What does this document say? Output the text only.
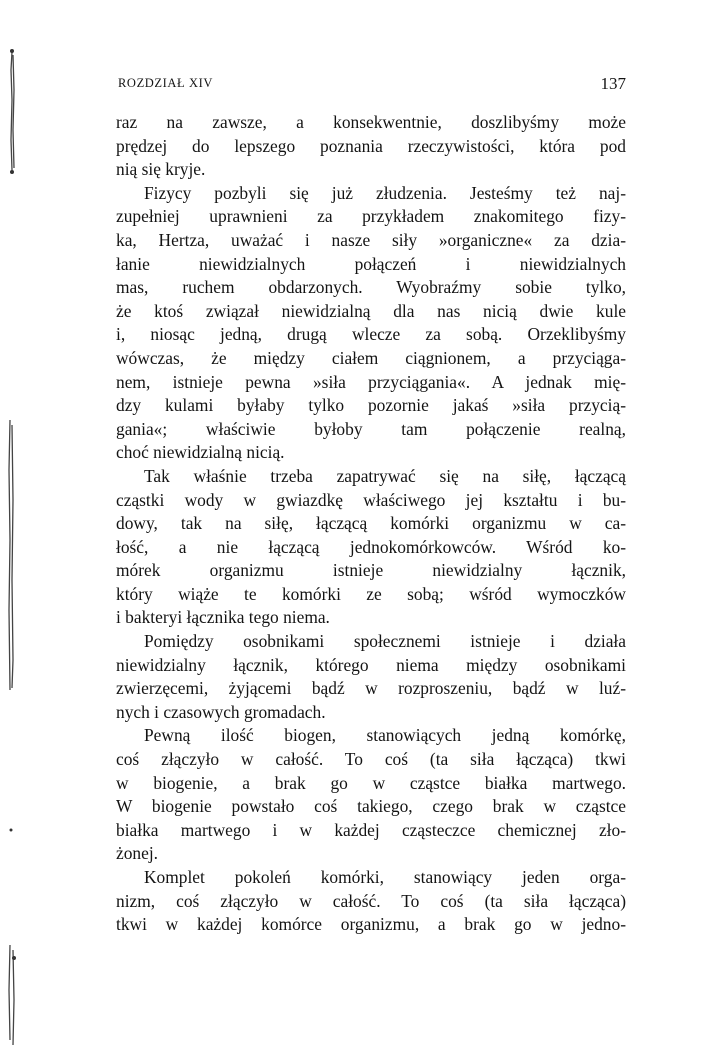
ROZDZIAŁ XIV	137
raz na zawsze, a konsekwentnie, doszlibyśmy może
prędzej do lepszego poznania rzeczywistości, która pod
nią się kryje.
Fizycy pozbyli się już złudzenia. Jesteśmy też naj-
zupełniej uprawnieni za przykładem znakomitego fizy-
ka, Hertza, uważać i nasze siły »organiczne« za dzia-
łanie niewidzialnych połączeń i niewidzialnych
mas, ruchem obdarzonych. Wyobraźmy sobie tylko,
że ktoś związał niewidzialną dla nas nicią dwie kule
i, niosąc jedną, drugą wlecze za sobą. Orzeklibyśmy
wówczas, że między ciałem ciągnionem, a przyciąga-
nem, istnieje pewna »siła przyciągania«. A jednak mię-
dzy kulami byłaby tylko pozornie jakaś »siła przycią-
gania«; właściwie byłoby tam połączenie realną,
choć niewidzialną nicią.
Tak właśnie trzeba zapatrywać się na siłę, łączącą
cząstki wody w gwiazdkę właściwego jej kształtu i bu-
dowy, tak na siłę, łączącą komórki organizmu w ca-
łość, a nie łączącą jednokomórkowców. Wśród ko-
mórek organizmu istnieje niewidzialny łącznik,
który wiąże te komórki ze sobą; wśród wymoczków
i bakteryi łącznika tego niema.
Pomiędzy osobnikami społecznemi istnieje i działa
niewidzialny łącznik, którego niema między osobnikami
zwierzęcemi, żyjącemi bądź w rozproszeniu, bądź w luź-
nych i czasowych gromadach.
Pewną ilość biogen, stanowiących jedną komórkę,
coś złączyło w całość. To coś (ta siła łącząca) tkwi
w biogenie, a brak go w cząstce białka martwego.
W biogenie powstało coś takiego, czego brak w cząstce
białka martwego i w każdej cząsteczce chemicznej zło-
żonej.
Komplet pokoleń komórki, stanowiący jeden orga-
nizm, coś złączyło w całość. To coś (ta siła łącząca)
tkwi w każdej komórce organizmu, a brak go w jedno-
